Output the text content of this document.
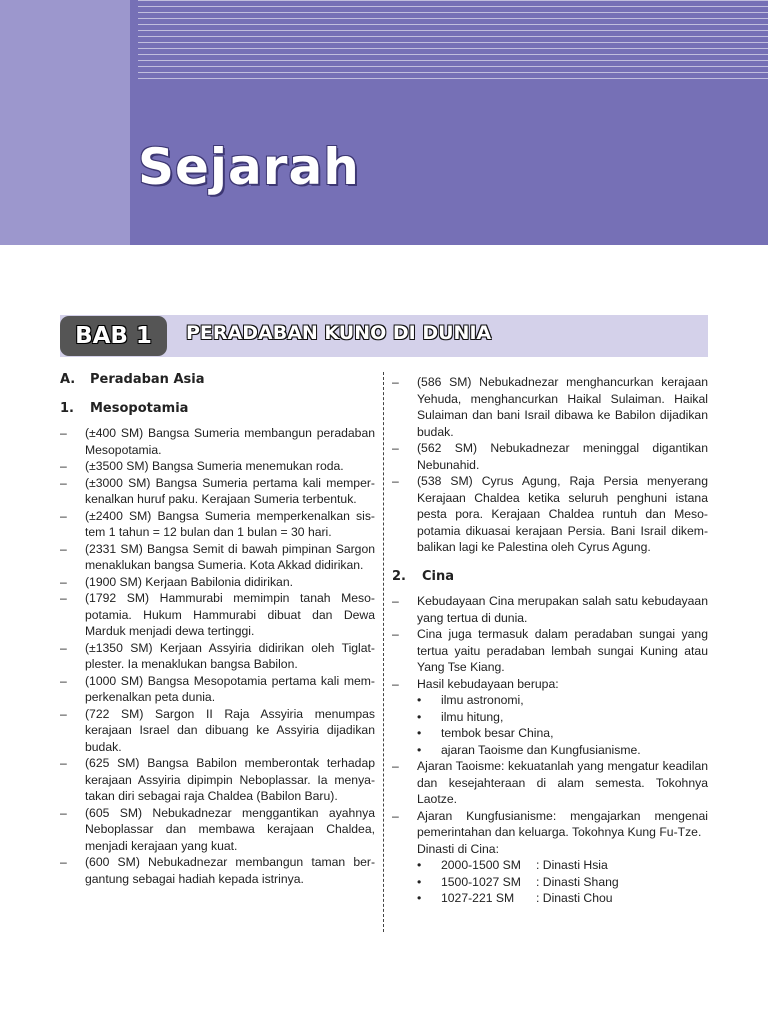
Sejarah
BAB 1	PERADABAN KUNO DI DUNIA
A.	Peradaban Asia
1.	Mesopotamia
–	(±400 SM) Bangsa Sumeria membangun peradaban Mesopotamia.
–	(±3500 SM) Bangsa Sumeria menemukan roda.
–	(±3000 SM) Bangsa Sumeria pertama kali memper-kenalkan huruf paku. Kerajaan Sumeria terbentuk.
–	(±2400 SM) Bangsa Sumeria memperkenalkan sis-tem 1 tahun = 12 bulan dan 1 bulan = 30 hari.
–	(2331 SM) Bangsa Semit di bawah pimpinan Sargon menaklukan bangsa Sumeria. Kota Akkad didirikan.
–	(1900 SM) Kerjaan Babilonia didirikan.
–	(1792 SM) Hammurabi memimpin tanah Meso-potamia. Hukum Hammurabi dibuat dan Dewa Marduk menjadi dewa tertinggi.
–	(±1350 SM) Kerjaan Assyiria didirikan oleh Tiglat-plester. Ia menaklukan bangsa Babilon.
–	(1000 SM) Bangsa Mesopotamia pertama kali mem-perkenalkan peta dunia.
–	(722 SM) Sargon II Raja Assyiria menumpas kerajaan Israel dan dibuang ke Assyiria dijadikan budak.
–	(625 SM) Bangsa Babilon memberontak terhadap kerajaan Assyiria dipimpin Neboplassar. Ia menya-takan diri sebagai raja Chaldea (Babilon Baru).
–	(605 SM) Nebukadnezar menggantikan ayahnya Neboplassar dan membawa kerajaan Chaldea, menjadi kerajaan yang kuat.
–	(600 SM) Nebukadnezar membangun taman ber-gantung sebagai hadiah kepada istrinya.
–	(586 SM) Nebukadnezar menghancurkan kerajaan Yehuda, menghancurkan Haikal Sulaiman. Haikal Sulaiman dan bani Israil dibawa ke Babilon dijadikan budak.
–	(562 SM) Nebukadnezar meninggal digantikan Nebunahid.
–	(538 SM) Cyrus Agung, Raja Persia menyerang Kerajaan Chaldea ketika seluruh penghuni istana pesta pora. Kerajaan Chaldea runtuh dan Meso-potamia dikuasai kerajaan Persia. Bani Israil dikem-balikan lagi ke Palestina oleh Cyrus Agung.
2.	Cina
–	Kebudayaan Cina merupakan salah satu kebudayaan yang tertua di dunia.
–	Cina juga termasuk dalam peradaban sungai yang tertua yaitu peradaban lembah sungai Kuning atau Yang Tse Kiang.
–	Hasil kebudayaan berupa:
•	ilmu astronomi,
•	ilmu hitung,
•	tembok besar China,
•	ajaran Taoisme dan Kungfusianisme.
–	Ajaran Taoisme: kekuatanlah yang mengatur keadilan dan kesejahteraan di alam semesta. Tokohnya Laotze.
–	Ajaran Kungfusianisme: mengajarkan mengenai pemerintahan dan keluarga. Tokohnya Kung Fu-Tze.
Dinasti di Cina:
•	2000-1500 SM	: Dinasti Hsia
•	1500-1027 SM	: Dinasti Shang
•	1027-221 SM	: Dinasti Chou
